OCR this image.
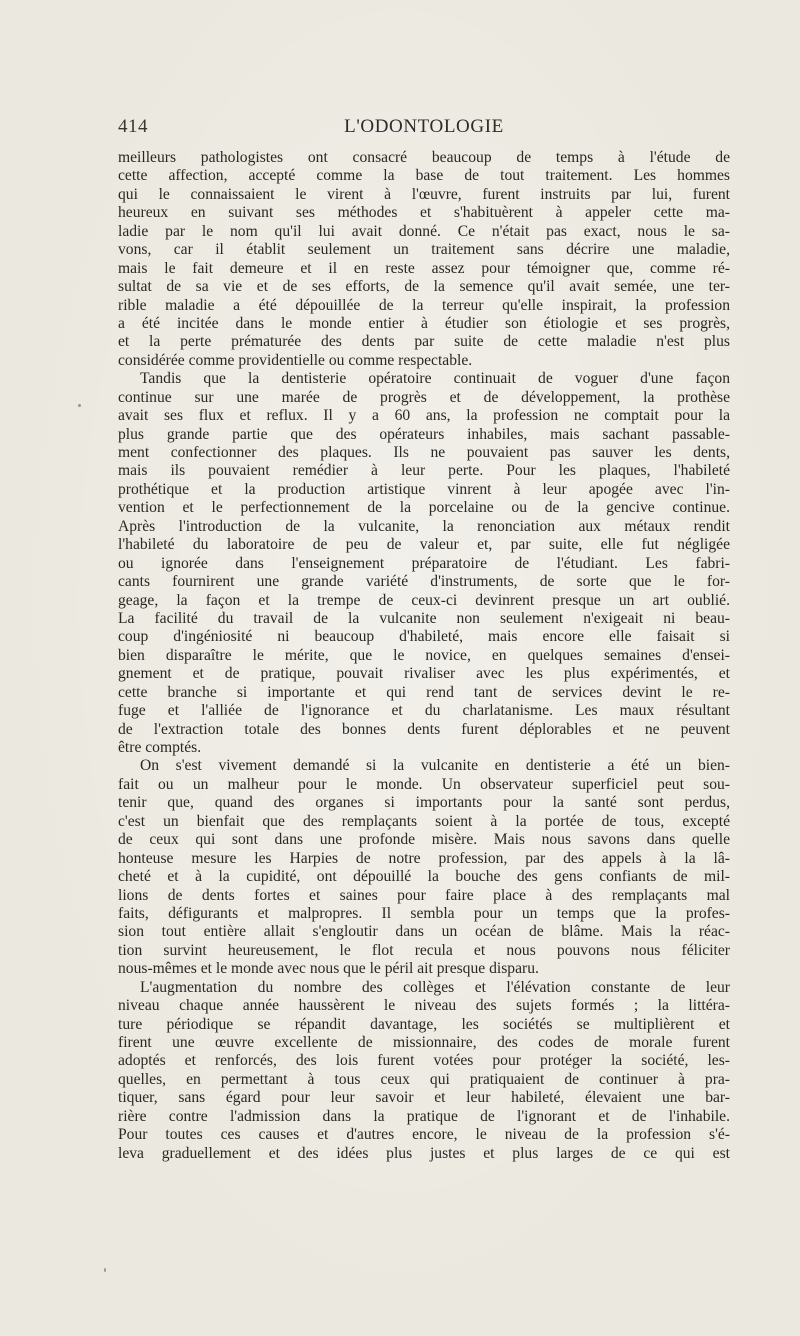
414	L'ODONTOLOGIE
meilleurs pathologistes ont consacré beaucoup de temps à l'étude de
cette affection, accepté comme la base de tout traitement. Les hommes
qui le connaissaient le virent à l'œuvre, furent instruits par lui, furent
heureux en suivant ses méthodes et s'habituèrent à appeler cette ma-
ladie par le nom qu'il lui avait donné. Ce n'était pas exact, nous le sa-
vons, car il établit seulement un traitement sans décrire une maladie,
mais le fait demeure et il en reste assez pour témoigner que, comme ré-
sultat de sa vie et de ses efforts, de la semence qu'il avait semée, une ter-
rible maladie a été dépouillée de la terreur qu'elle inspirait, la profession
a été incitée dans le monde entier à étudier son étiologie et ses progrès,
et la perte prématurée des dents par suite de cette maladie n'est plus
considérée comme providentielle ou comme respectable.
Tandis que la dentisterie opératoire continuait de voguer d'une façon
continue sur une marée de progrès et de développement, la prothèse
avait ses flux et reflux. Il y a 60 ans, la profession ne comptait pour la
plus grande partie que des opérateurs inhabiles, mais sachant passable-
ment confectionner des plaques. Ils ne pouvaient pas sauver les dents,
mais ils pouvaient remédier à leur perte. Pour les plaques, l'habileté
prothétique et la production artistique vinrent à leur apogée avec l'in-
vention et le perfectionnement de la porcelaine ou de la gencive continue.
Après l'introduction de la vulcanite, la renonciation aux métaux rendit
l'habileté du laboratoire de peu de valeur et, par suite, elle fut négligée
ou ignorée dans l'enseignement préparatoire de l'étudiant. Les fabri-
cants fournirent une grande variété d'instruments, de sorte que le for-
geage, la façon et la trempe de ceux-ci devinrent presque un art oublié.
La facilité du travail de la vulcanite non seulement n'exigeait ni beau-
coup d'ingéniosité ni beaucoup d'habileté, mais encore elle faisait si
bien disparaître le mérite, que le novice, en quelques semaines d'ensei-
gnement et de pratique, pouvait rivaliser avec les plus expérimentés, et
cette branche si importante et qui rend tant de services devint le re-
fuge et l'alliée de l'ignorance et du charlatanisme. Les maux résultant
de l'extraction totale des bonnes dents furent déplorables et ne peuvent
être comptés.
On s'est vivement demandé si la vulcanite en dentisterie a été un bien-
fait ou un malheur pour le monde. Un observateur superficiel peut sou-
tenir que, quand des organes si importants pour la santé sont perdus,
c'est un bienfait que des remplaçants soient à la portée de tous, excepté
de ceux qui sont dans une profonde misère. Mais nous savons dans quelle
honteuse mesure les Harpies de notre profession, par des appels à la lâ-
cheté et à la cupidité, ont dépouillé la bouche des gens confiants de mil-
lions de dents fortes et saines pour faire place à des remplaçants mal
faits, défigurants et malpropres. Il sembla pour un temps que la profes-
sion tout entière allait s'engloutir dans un océan de blâme. Mais la réac-
tion survint heureusement, le flot recula et nous pouvons nous féliciter
nous-mêmes et le monde avec nous que le péril ait presque disparu.
L'augmentation du nombre des collèges et l'élévation constante de leur
niveau chaque année haussèrent le niveau des sujets formés ; la littéra-
ture périodique se répandit davantage, les sociétés se multiplièrent et
firent une œuvre excellente de missionnaire, des codes de morale furent
adoptés et renforcés, des lois furent votées pour protéger la société, les-
quelles, en permettant à tous ceux qui pratiquaient de continuer à pra-
tiquer, sans égard pour leur savoir et leur habileté, élevaient une bar-
rière contre l'admission dans la pratique de l'ignorant et de l'inhabile.
Pour toutes ces causes et d'autres encore, le niveau de la profession s'é-
leva graduellement et des idées plus justes et plus larges de ce qui est
